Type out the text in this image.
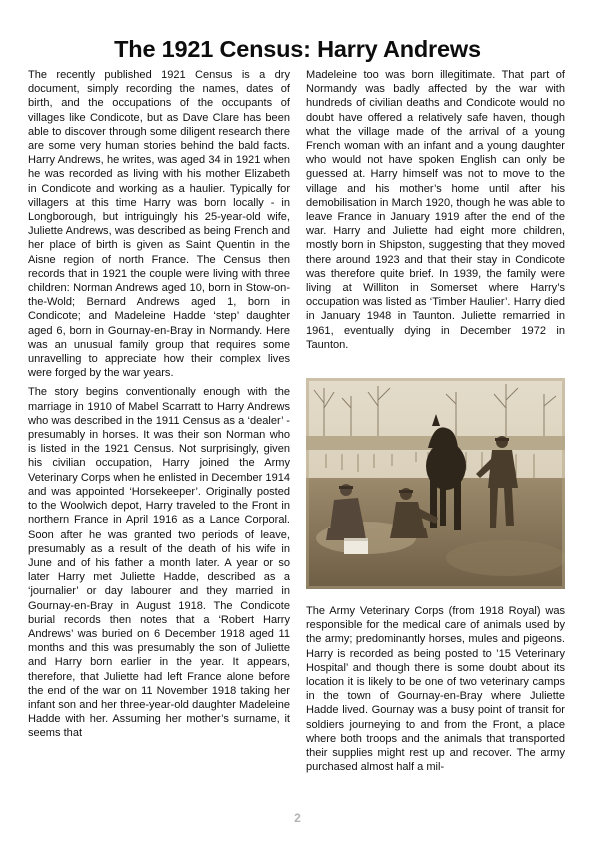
The 1921 Census: Harry Andrews

The recently published 1921 Census is a dry document, simply recording the names, dates of birth, and the occupations of the occupants of villages like Condicote, but as Dave Clare has been able to discover through some diligent research there are some very human stories behind the bald facts. Harry Andrews, he writes, was aged 34 in 1921 when he was recorded as living with his mother Elizabeth in Condicote and working as a haulier. Typically for villagers at this time Harry was born locally - in Longborough, but intriguingly his 25-year-old wife, Juliette Andrews, was described as being French and her place of birth is given as Saint Quentin in the Aisne region of north France. The Census then records that in 1921 the couple were living with three children: Norman Andrews aged 10, born in Stow-on-the-Wold; Bernard Andrews aged 1, born in Condicote; and Madeleine Hadde ‘step’ daughter aged 6, born in Gournay-en-Bray in Normandy. Here was an unusual family group that requires some unravelling to appreciate how their complex lives were forged by the war years.

The story begins conventionally enough with the marriage in 1910 of Mabel Scarratt to Harry Andrews who was described in the 1911 Census as a ‘dealer’ - presumably in horses. It was their son Norman who is listed in the 1921 Census. Not surprisingly, given his civilian occupation, Harry joined the Army Veterinary Corps when he enlisted in December 1914 and was appointed ‘Horsekeeper’. Originally posted to the Woolwich depot, Harry traveled to the Front in northern France in April 1916 as a Lance Corporal. Soon after he was granted two periods of leave, presumably as a result of the death of his wife in June and of his father a month later. A year or so later Harry met Juliette Hadde, described as a ‘journalier’ or day labourer and they married in Gournay-en-Bray in August 1918. The Condicote burial records then notes that a ‘Robert Harry Andrews’ was buried on 6 December 1918 aged 11 months and this was presumably the son of Juliette and Harry born earlier in the year. It appears, therefore, that Juliette had left France alone before the end of the war on 11 November 1918 taking her infant son and her three-year-old daughter Madeleine Hadde with her. Assuming her mother’s surname, it seems that

Madeleine too was born illegitimate. That part of Normandy was badly affected by the war with hundreds of civilian deaths and Condicote would no doubt have offered a relatively safe haven, though what the village made of the arrival of a young French woman with an infant and a young daughter who would not have spoken English can only be guessed at. Harry himself was not to move to the village and his mother’s home until after his demobilisation in March 1920, though he was able to leave France in January 1919 after the end of the war. Harry and Juliette had eight more children, mostly born in Shipston, suggesting that they moved there around 1923 and that their stay in Condicote was therefore quite brief. In 1939, the family were living at Williton in Somerset where Harry’s occupation was listed as ‘Timber Haulier’. Harry died in January 1948 in Taunton. Juliette remarried in 1961, eventually dying in December 1972 in Taunton.

The Army Veterinary Corps (from 1918 Royal) was responsible for the medical care of animals used by the army; predominantly horses, mules and pigeons. Harry is recorded as being posted to ’15 Veterinary Hospital’ and though there is some doubt about its location it is likely to be one of two veterinary camps in the town of Gournay-en-Bray where Juliette Hadde lived. Gournay was a busy point of transit for soldiers journeying to and from the Front, a place where both troops and the animals that transported their supplies might rest up and recover. The army purchased almost half a mil-

2
